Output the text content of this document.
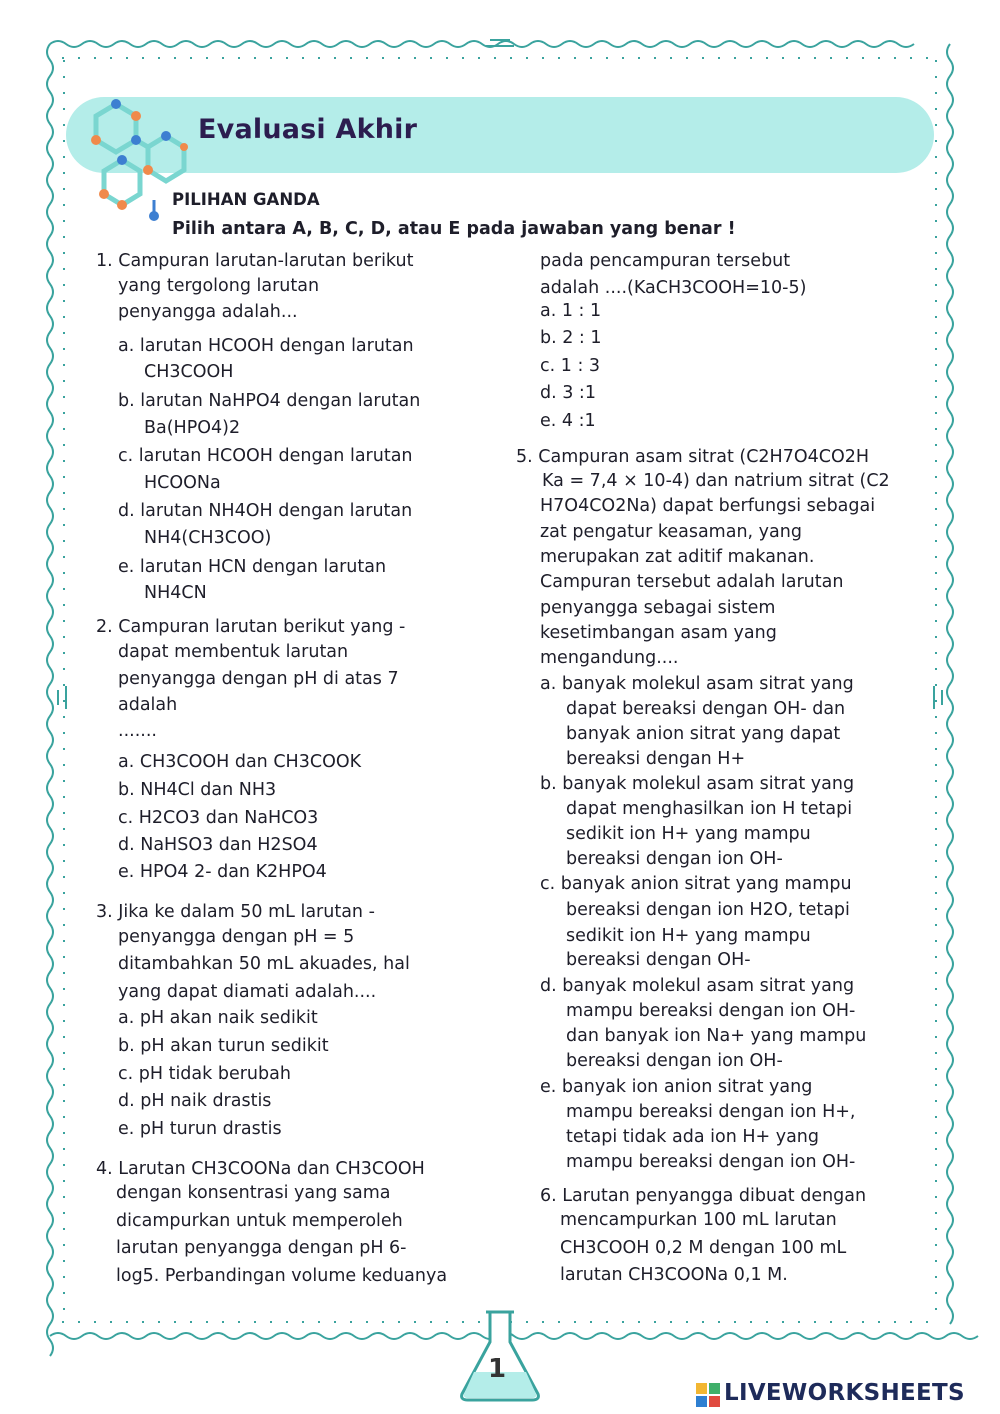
Evaluasi Akhir
PILIHAN GANDA
Pilih antara A, B, C, D, atau E pada jawaban yang benar !
1. Campuran larutan-larutan berikut
yang tergolong larutan
penyangga adalah...
a. larutan HCOOH dengan larutan
CH3COOH
b. larutan NaHPO4 dengan larutan
Ba(HPO4)2
c. larutan HCOOH dengan larutan
HCOONa
d. larutan NH4OH dengan larutan
NH4(CH3COO)
e. larutan HCN dengan larutan
NH4CN
2. Campuran larutan berikut yang -
dapat membentuk larutan
penyangga dengan pH di atas 7
adalah
.......
a. CH3COOH dan CH3COOK
b. NH4Cl dan NH3
c. H2CO3 dan NaHCO3
d. NaHSO3 dan H2SO4
e. HPO4 2- dan K2HPO4
3. Jika ke dalam 50 mL larutan -
penyangga dengan pH = 5
ditambahkan 50 mL akuades, hal
yang dapat diamati adalah....
a. pH akan naik sedikit
b. pH akan turun sedikit
c. pH tidak berubah
d. pH naik drastis
e. pH turun drastis
4. Larutan CH3COONa dan CH3COOH
dengan konsentrasi yang sama
dicampurkan untuk memperoleh
larutan penyangga dengan pH 6-
log5. Perbandingan volume keduanya
pada pencampuran tersebut
adalah ....(KaCH3COOH=10-5)
a. 1 : 1
b. 2 : 1
c. 1 : 3
d. 3 :1
e. 4 :1
5. Campuran asam sitrat (C2H7O4CO2H
Ka = 7,4 × 10-4) dan natrium sitrat (C2
H7O4CO2Na) dapat berfungsi sebagai
zat pengatur keasaman, yang
merupakan zat aditif makanan.
Campuran tersebut adalah larutan
penyangga sebagai sistem
kesetimbangan asam yang
mengandung....
a. banyak molekul asam sitrat yang
dapat bereaksi dengan OH- dan
banyak anion sitrat yang dapat
bereaksi dengan H+
b. banyak molekul asam sitrat yang
dapat menghasilkan ion H tetapi
sedikit ion H+ yang mampu
bereaksi dengan ion OH-
c. banyak anion sitrat yang mampu
bereaksi dengan ion H2O, tetapi
sedikit ion H+ yang mampu
bereaksi dengan OH-
d. banyak molekul asam sitrat yang
mampu bereaksi dengan ion OH-
dan banyak ion Na+ yang mampu
bereaksi dengan ion OH-
e. banyak ion anion sitrat yang
mampu bereaksi dengan ion H+,
tetapi tidak ada ion H+ yang
mampu bereaksi dengan ion OH-
6. Larutan penyangga dibuat dengan
mencampurkan 100 mL larutan
CH3COOH 0,2 M dengan 100 mL
larutan CH3COONa 0,1 M.
1
LIVEWORKSHEETS
